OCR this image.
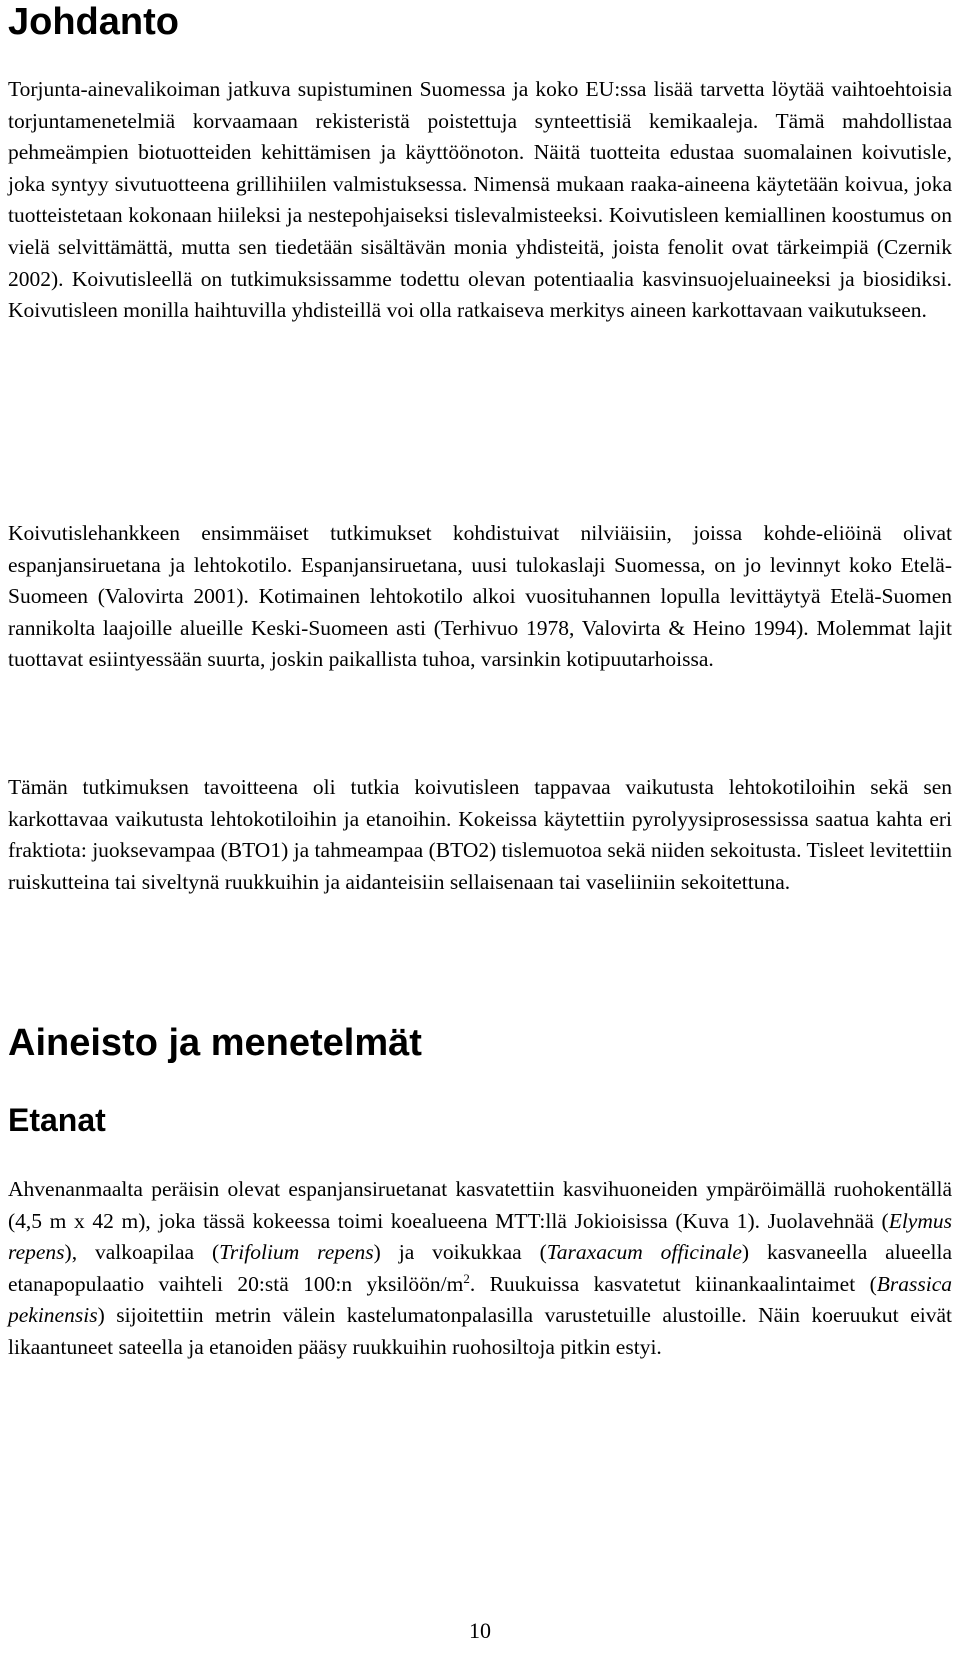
Johdanto

Torjunta-ainevalikoiman jatkuva supistuminen Suomessa ja koko EU:ssa lisää tarvetta löytää vaihtoehtoisia torjuntamenetelmiä korvaamaan rekisteristä poistettuja synteettisiä kemikaaleja. Tämä mahdollistaa pehmeämpien biotuotteiden kehittämisen ja käyttöönoton. Näitä tuotteita edustaa suomalainen koivutisle, joka syntyy sivutuotteena grillihiilen valmistuksessa. Nimensä mukaan raaka-aineena käytetään koivua, joka tuotteistetaan kokonaan hiileksi ja nestepohjaiseksi tislevalmisteeksi. Koivutisleen kemiallinen koostumus on vielä selvittämättä, mutta sen tiedetään sisältävän monia yhdisteitä, joista fenolit ovat tärkeimpiä (Czernik 2002). Koivutisleellä on tutkimuksissamme todettu olevan potentiaalia kasvinsuojeluaineeksi ja biosidiksi. Koivutisleen monilla haihtuvilla yhdisteillä voi olla ratkaiseva merkitys aineen karkottavaan vaikutukseen.

Koivutislehankkeen ensimmäiset tutkimukset kohdistuivat nilviäisiin, joissa kohde-eliöinä olivat espanjansiruetana ja lehtokotilo. Espanjansiruetana, uusi tulokaslaji Suomessa, on jo levinnyt koko Etelä-Suomeen (Valovirta 2001). Kotimainen lehtokotilo alkoi vuosituhannen lopulla levittäytyä Etelä-Suomen rannikolta laajoille alueille Keski-Suomeen asti (Terhivuo 1978, Valovirta & Heino 1994). Molemmat lajit tuottavat esiintyessään suurta, joskin paikallista tuhoa, varsinkin kotipuutarhoissa.

Tämän tutkimuksen tavoitteena oli tutkia koivutisleen tappavaa vaikutusta lehtokotiloihin sekä sen karkottavaa vaikutusta lehtokotiloihin ja etanoihin. Kokeissa käytettiin pyrolyysiprosessissa saatua kahta eri fraktiota: juoksevampaa (BTO1) ja tahmeampaa (BTO2) tislemuotoa sekä niiden sekoitusta. Tisleet levitettiin ruiskutteina tai siveltynä ruukkuihin ja aidanteisiin sellaisenaan tai vaseliiniin sekoitettuna.

Aineisto ja menetelmät
Etanat

Ahvenanmaalta peräisin olevat espanjansiruetanat kasvatettiin kasvihuoneiden ympäröimällä ruohokentällä (4,5 m x 42 m), joka tässä kokeessa toimi koealueena MTT:llä Jokioisissa (Kuva 1). Juolavehnää (Elymus repens), valkoapilaa (Trifolium repens) ja voikukkaa (Taraxacum officinale) kasvaneella alueella etanapopulaatio vaihteli 20:stä 100:n yksilöön/$m^2$. Ruukuissa kasvatetut kiinankaalintaimet (Brassica pekinensis) sijoitettiin metrin välein kastelumatonpalasilla varustetuille alustoille. Näin koeruukut eivät likaantuneet sateella ja etanoiden pääsy ruukkuihin ruohosiltoja pitkin estyi.

10
